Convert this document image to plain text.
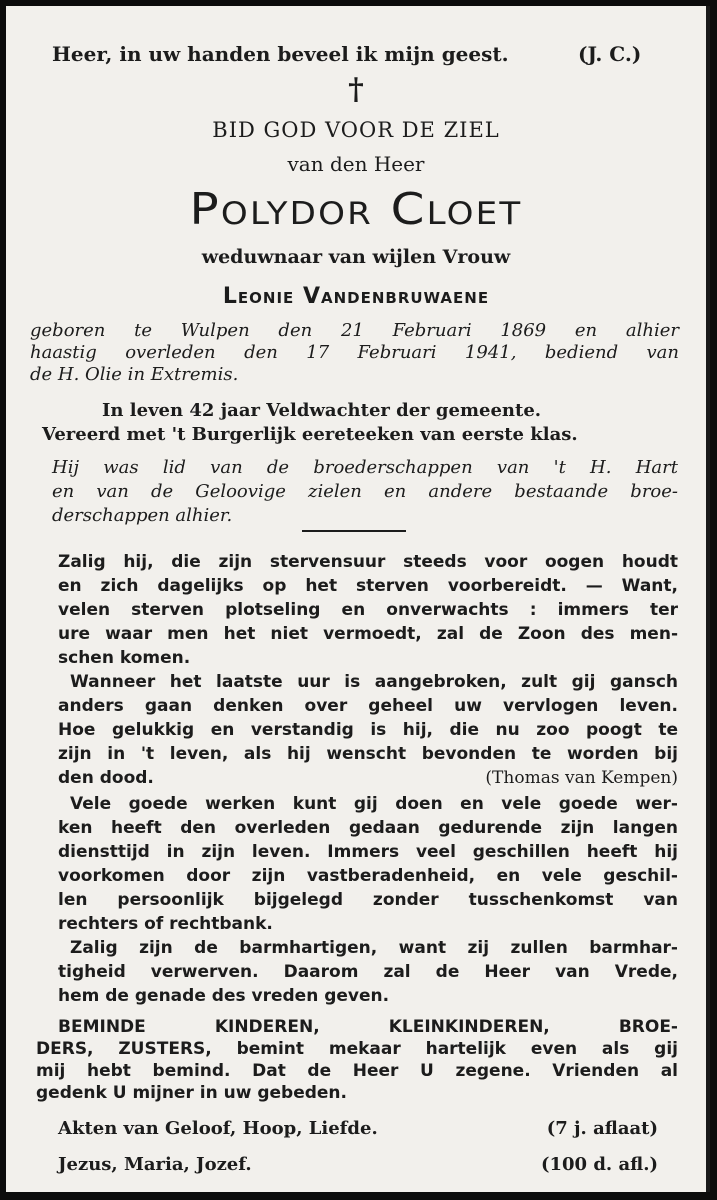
Heer, in uw handen beveel ik mijn geest.	(J. C.)
†
BID GOD VOOR DE ZIEL
van den Heer
Polydor Cloet
weduwnaar van wijlen Vrouw
Leonie Vandenbruwaene
geboren te Wulpen den 21 Februari 1869 en alhier
haastig overleden den 17 Februari 1941, bediend van
de H. Olie in Extremis.
In leven 42 jaar Veldwachter der gemeente.
Vereerd met 't Burgerlijk eereteeken van eerste klas.
Hij was lid van de broederschappen van 't H. Hart
en van de Geloovige zielen en andere bestaande broe-
derschappen alhier.
Zalig hij, die zijn stervensuur steeds voor oogen houdt
en zich dagelijks op het sterven voorbereidt. — Want,
velen sterven plotseling en onverwachts : immers ter
ure waar men het niet vermoedt, zal de Zoon des men-
schen komen.
Wanneer het laatste uur is aangebroken, zult gij gansch
anders gaan denken over geheel uw vervlogen leven.
Hoe gelukkig en verstandig is hij, die nu zoo poogt te
zijn in 't leven, als hij wenscht bevonden te worden bij
den dood.	(Thomas van Kempen)
Vele goede werken kunt gij doen en vele goede wer-
ken heeft den overleden gedaan gedurende zijn langen
diensttijd in zijn leven. Immers veel geschillen heeft hij
voorkomen door zijn vastberadenheid, en vele geschil-
len persoonlijk bijgelegd zonder tusschenkomst van
rechters of rechtbank.
Zalig zijn de barmhartigen, want zij zullen barmhar-
tigheid verwerven. Daarom zal de Heer van Vrede,
hem de genade des vreden geven.
BEMINDE KINDEREN, KLEINKINDEREN, BROE-
DERS, ZUSTERS, bemint mekaar hartelijk even als gij
mij hebt bemind. Dat de Heer U zegene. Vrienden al
gedenk U mijner in uw gebeden.
Akten van Geloof, Hoop, Liefde.	(7 j. aflaat)
Jezus, Maria, Jozef.	(100 d. afl.)
